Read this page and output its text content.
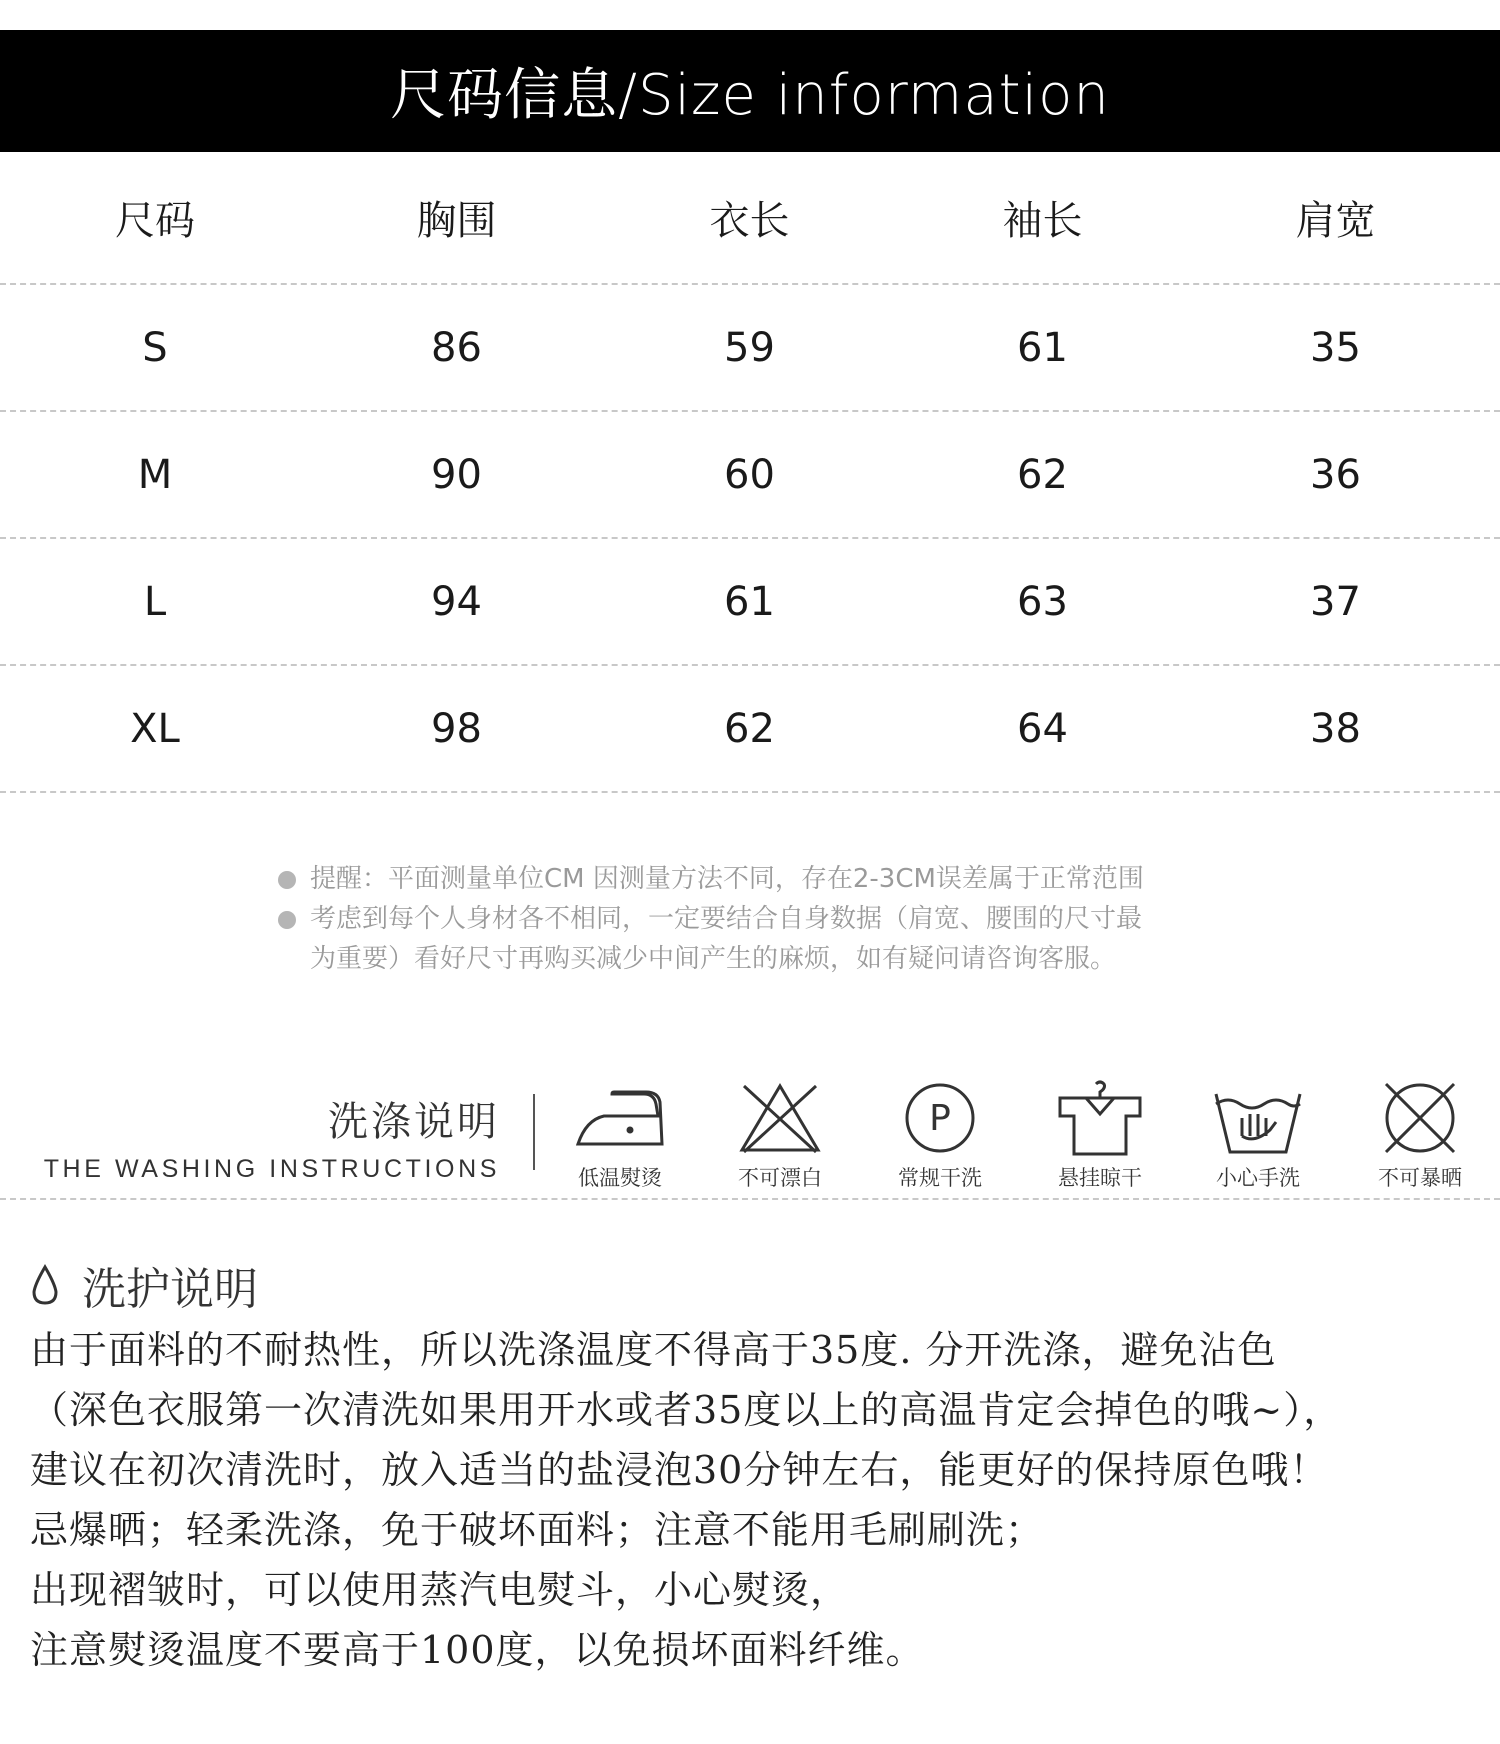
尺码信息/Size information
尺码	胸围	衣长	袖长	肩宽
S	86	59	61	35
M	90	60	62	36
L	94	61	63	37
XL	98	62	64	38
提醒：平面测量单位CM 因测量方法不同，存在2-3CM误差属于正常范围
考虑到每个人身材各不相同，一定要结合自身数据（肩宽、腰围的尺寸最
为重要）看好尺寸再购买减少中间产生的麻烦，如有疑问请咨询客服。
洗涤说明
THE WASHING INSTRUCTIONS	低温熨烫	不可漂白
P
常规干洗	悬挂晾干	小心手洗	不可暴晒
洗护说明
由于面料的不耐热性，所以洗涤温度不得高于35度. 分开洗涤，避免沾色
（深色衣服第一次清洗如果用开水或者35度以上的高温肯定会掉色的哦~），
建议在初次清洗时，放入适当的盐浸泡30分钟左右，能更好的保持原色哦！
忌爆晒；轻柔洗涤，免于破坏面料；注意不能用毛刷刷洗；
出现褶皱时，可以使用蒸汽电熨斗，小心熨烫，
注意熨烫温度不要高于100度，以免损坏面料纤维。
